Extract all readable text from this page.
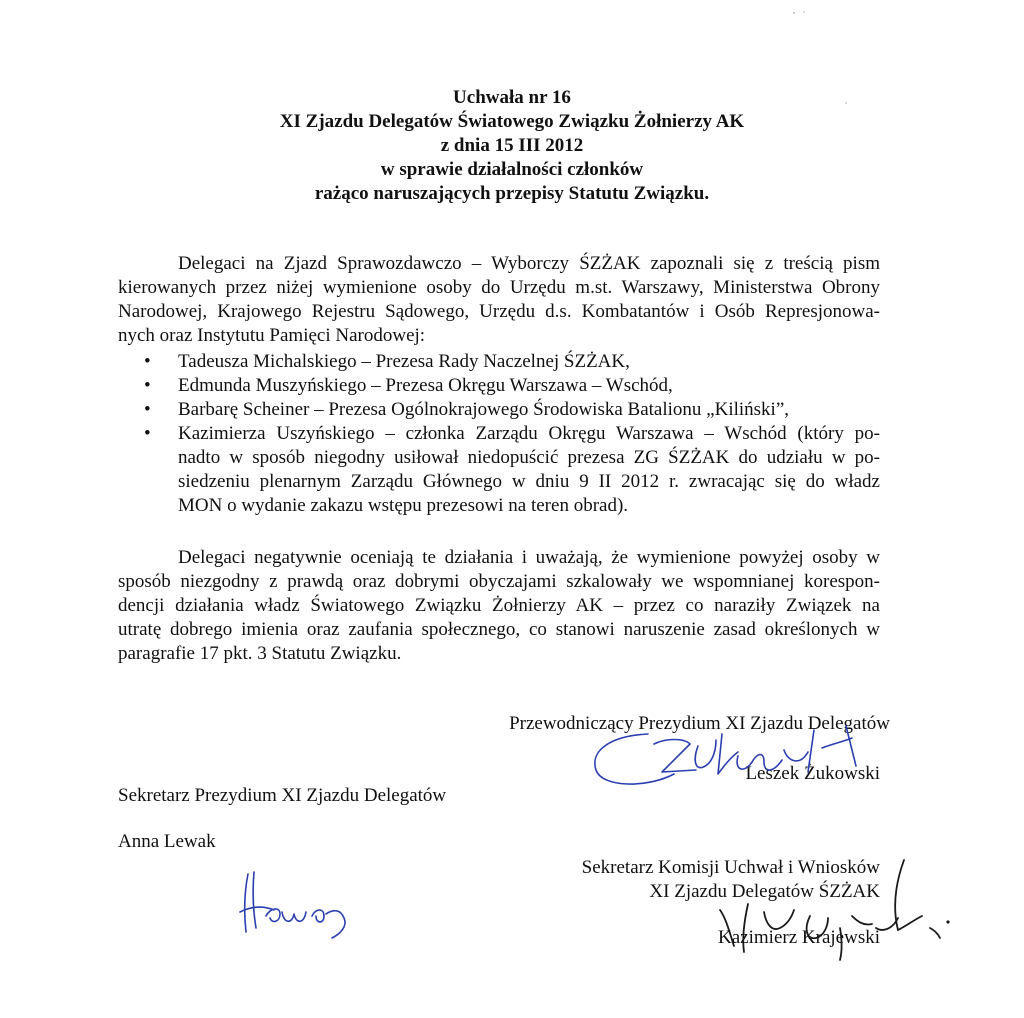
Uchwała nr 16
XI Zjazdu Delegatów Światowego Związku Żołnierzy AK
z dnia 15 III 2012
w sprawie działalności członków
rażąco naruszających przepisy Statutu Związku.
Delegaci na Zjazd Sprawozdawczo – Wyborczy ŚZŻAK zapoznali się z treścią pism
kierowanych przez niżej wymienione osoby do Urzędu m.st. Warszawy, Ministerstwa Obrony
Narodowej, Krajowego Rejestru Sądowego, Urzędu d.s. Kombatantów i Osób Represjonowa-
nych oraz Instytutu Pamięci Narodowej:
• Tadeusza Michalskiego – Prezesa Rady Naczelnej ŚZŻAK,
• Edmunda Muszyńskiego – Prezesa Okręgu Warszawa – Wschód,
• Barbarę Scheiner – Prezesa Ogólnokrajowego Środowiska Batalionu „Kiliński”,
• Kazimierza Uszyńskiego – członka Zarządu Okręgu Warszawa – Wschód (który po-
nadto w sposób niegodny usiłował niedopuścić prezesa ZG ŚZŻAK do udziału w po-
siedzeniu plenarnym Zarządu Głównego w dniu 9 II 2012 r. zwracając się do władz
MON o wydanie zakazu wstępu prezesowi na teren obrad).
Delegaci negatywnie oceniają te działania i uważają, że wymienione powyżej osoby w
sposób niezgodny z prawdą oraz dobrymi obyczajami szkalowały we wspomnianej korespon-
dencji działania władz Światowego Związku Żołnierzy AK – przez co naraziły Związek na
utratę dobrego imienia oraz zaufania społecznego, co stanowi naruszenie zasad określonych w
paragrafie 17 pkt. 3 Statutu Związku.
Przewodniczący Prezydium XI Zjazdu Delegatów
Leszek Żukowski
Sekretarz Prezydium XI Zjazdu Delegatów
Anna Lewak
Sekretarz Komisji Uchwał i Wniosków
XI Zjazdu Delegatów ŚZŻAK
Kazimierz Krajewski
